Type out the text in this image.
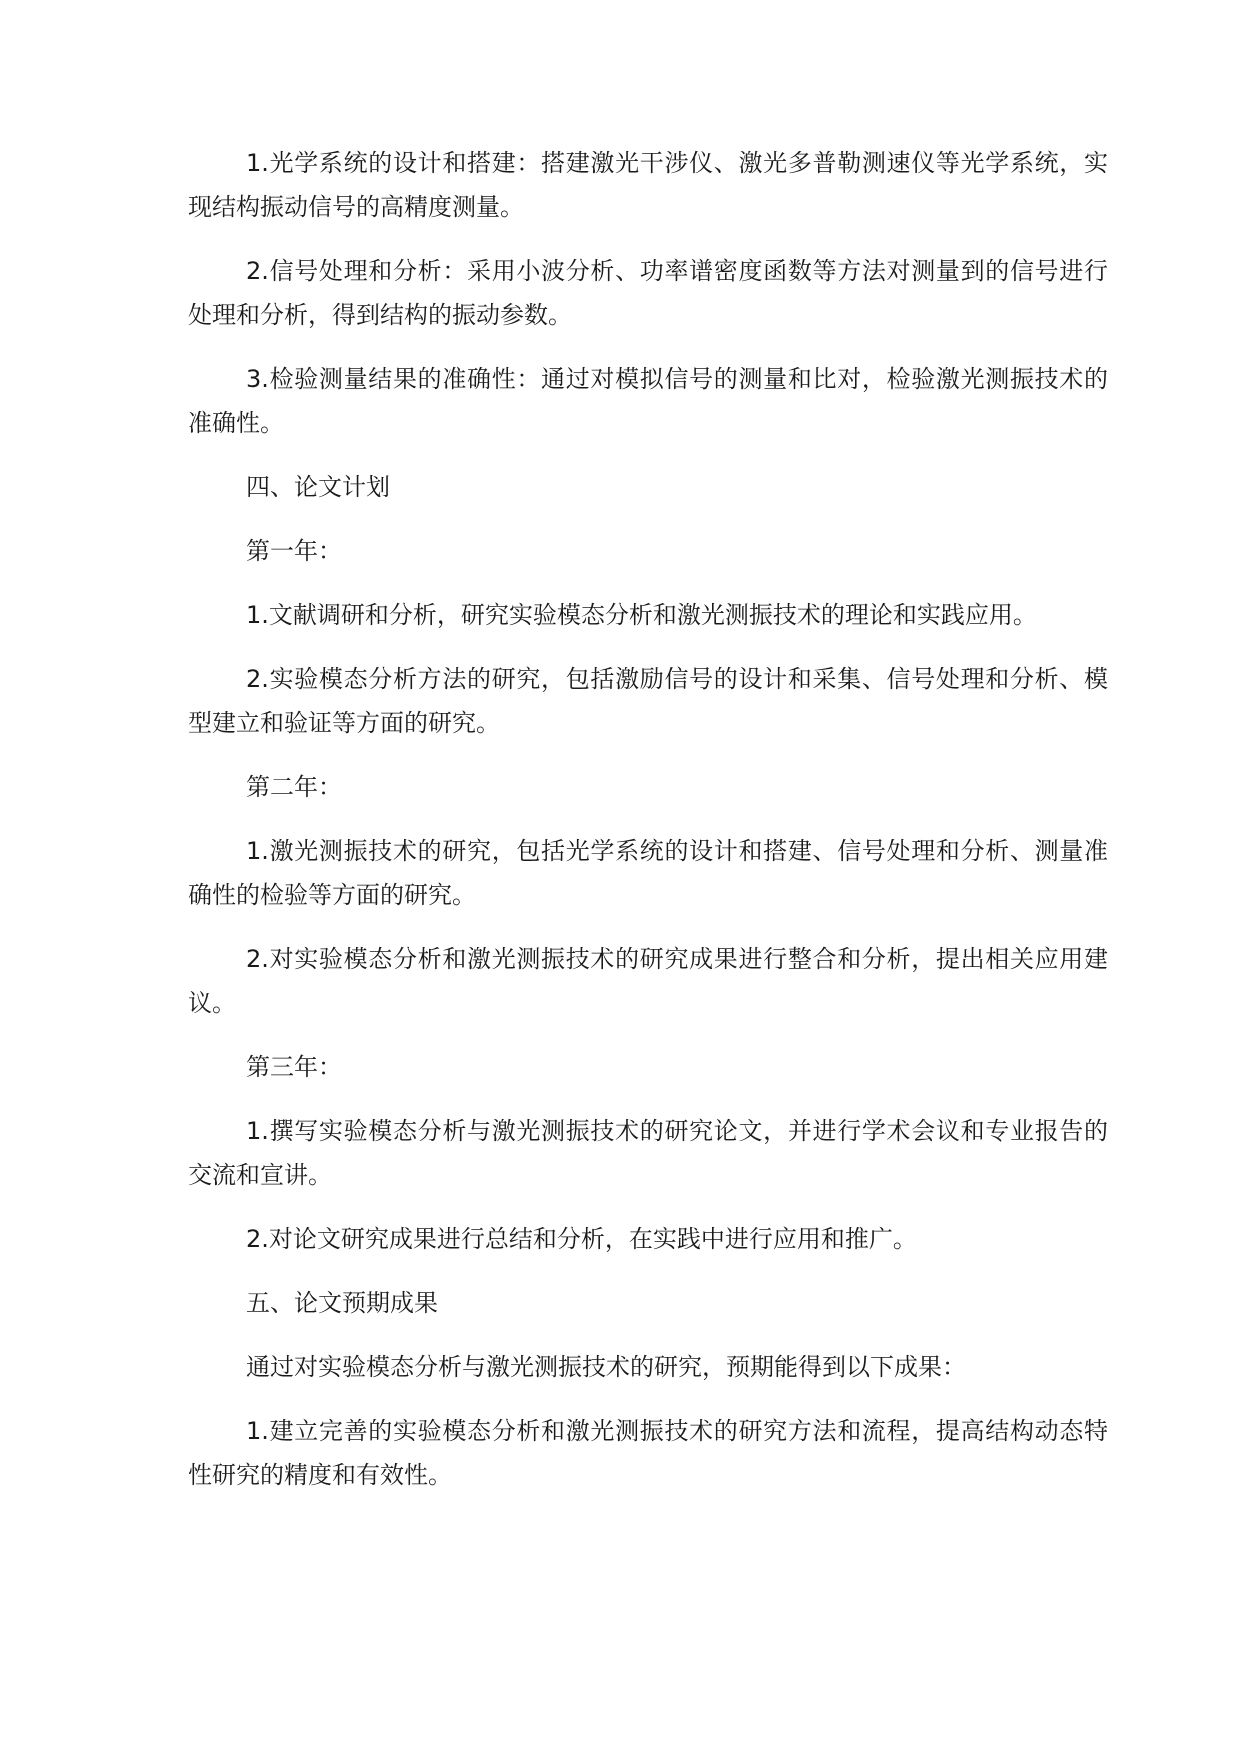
1.光学系统的设计和搭建：搭建激光干涉仪、激光多普勒测速仪等光学系统，实现结构振动信号的高精度测量。

2.信号处理和分析：采用小波分析、功率谱密度函数等方法对测量到的信号进行处理和分析，得到结构的振动参数。

3.检验测量结果的准确性：通过对模拟信号的测量和比对，检验激光测振技术的准确性。

四、论文计划

第一年：

1.文献调研和分析，研究实验模态分析和激光测振技术的理论和实践应用。

2.实验模态分析方法的研究，包括激励信号的设计和采集、信号处理和分析、模型建立和验证等方面的研究。

第二年：

1.激光测振技术的研究，包括光学系统的设计和搭建、信号处理和分析、测量准确性的检验等方面的研究。

2.对实验模态分析和激光测振技术的研究成果进行整合和分析，提出相关应用建议。

第三年：

1.撰写实验模态分析与激光测振技术的研究论文，并进行学术会议和专业报告的交流和宣讲。

2.对论文研究成果进行总结和分析，在实践中进行应用和推广。

五、论文预期成果

通过对实验模态分析与激光测振技术的研究，预期能得到以下成果：

1.建立完善的实验模态分析和激光测振技术的研究方法和流程，提高结构动态特性研究的精度和有效性。
